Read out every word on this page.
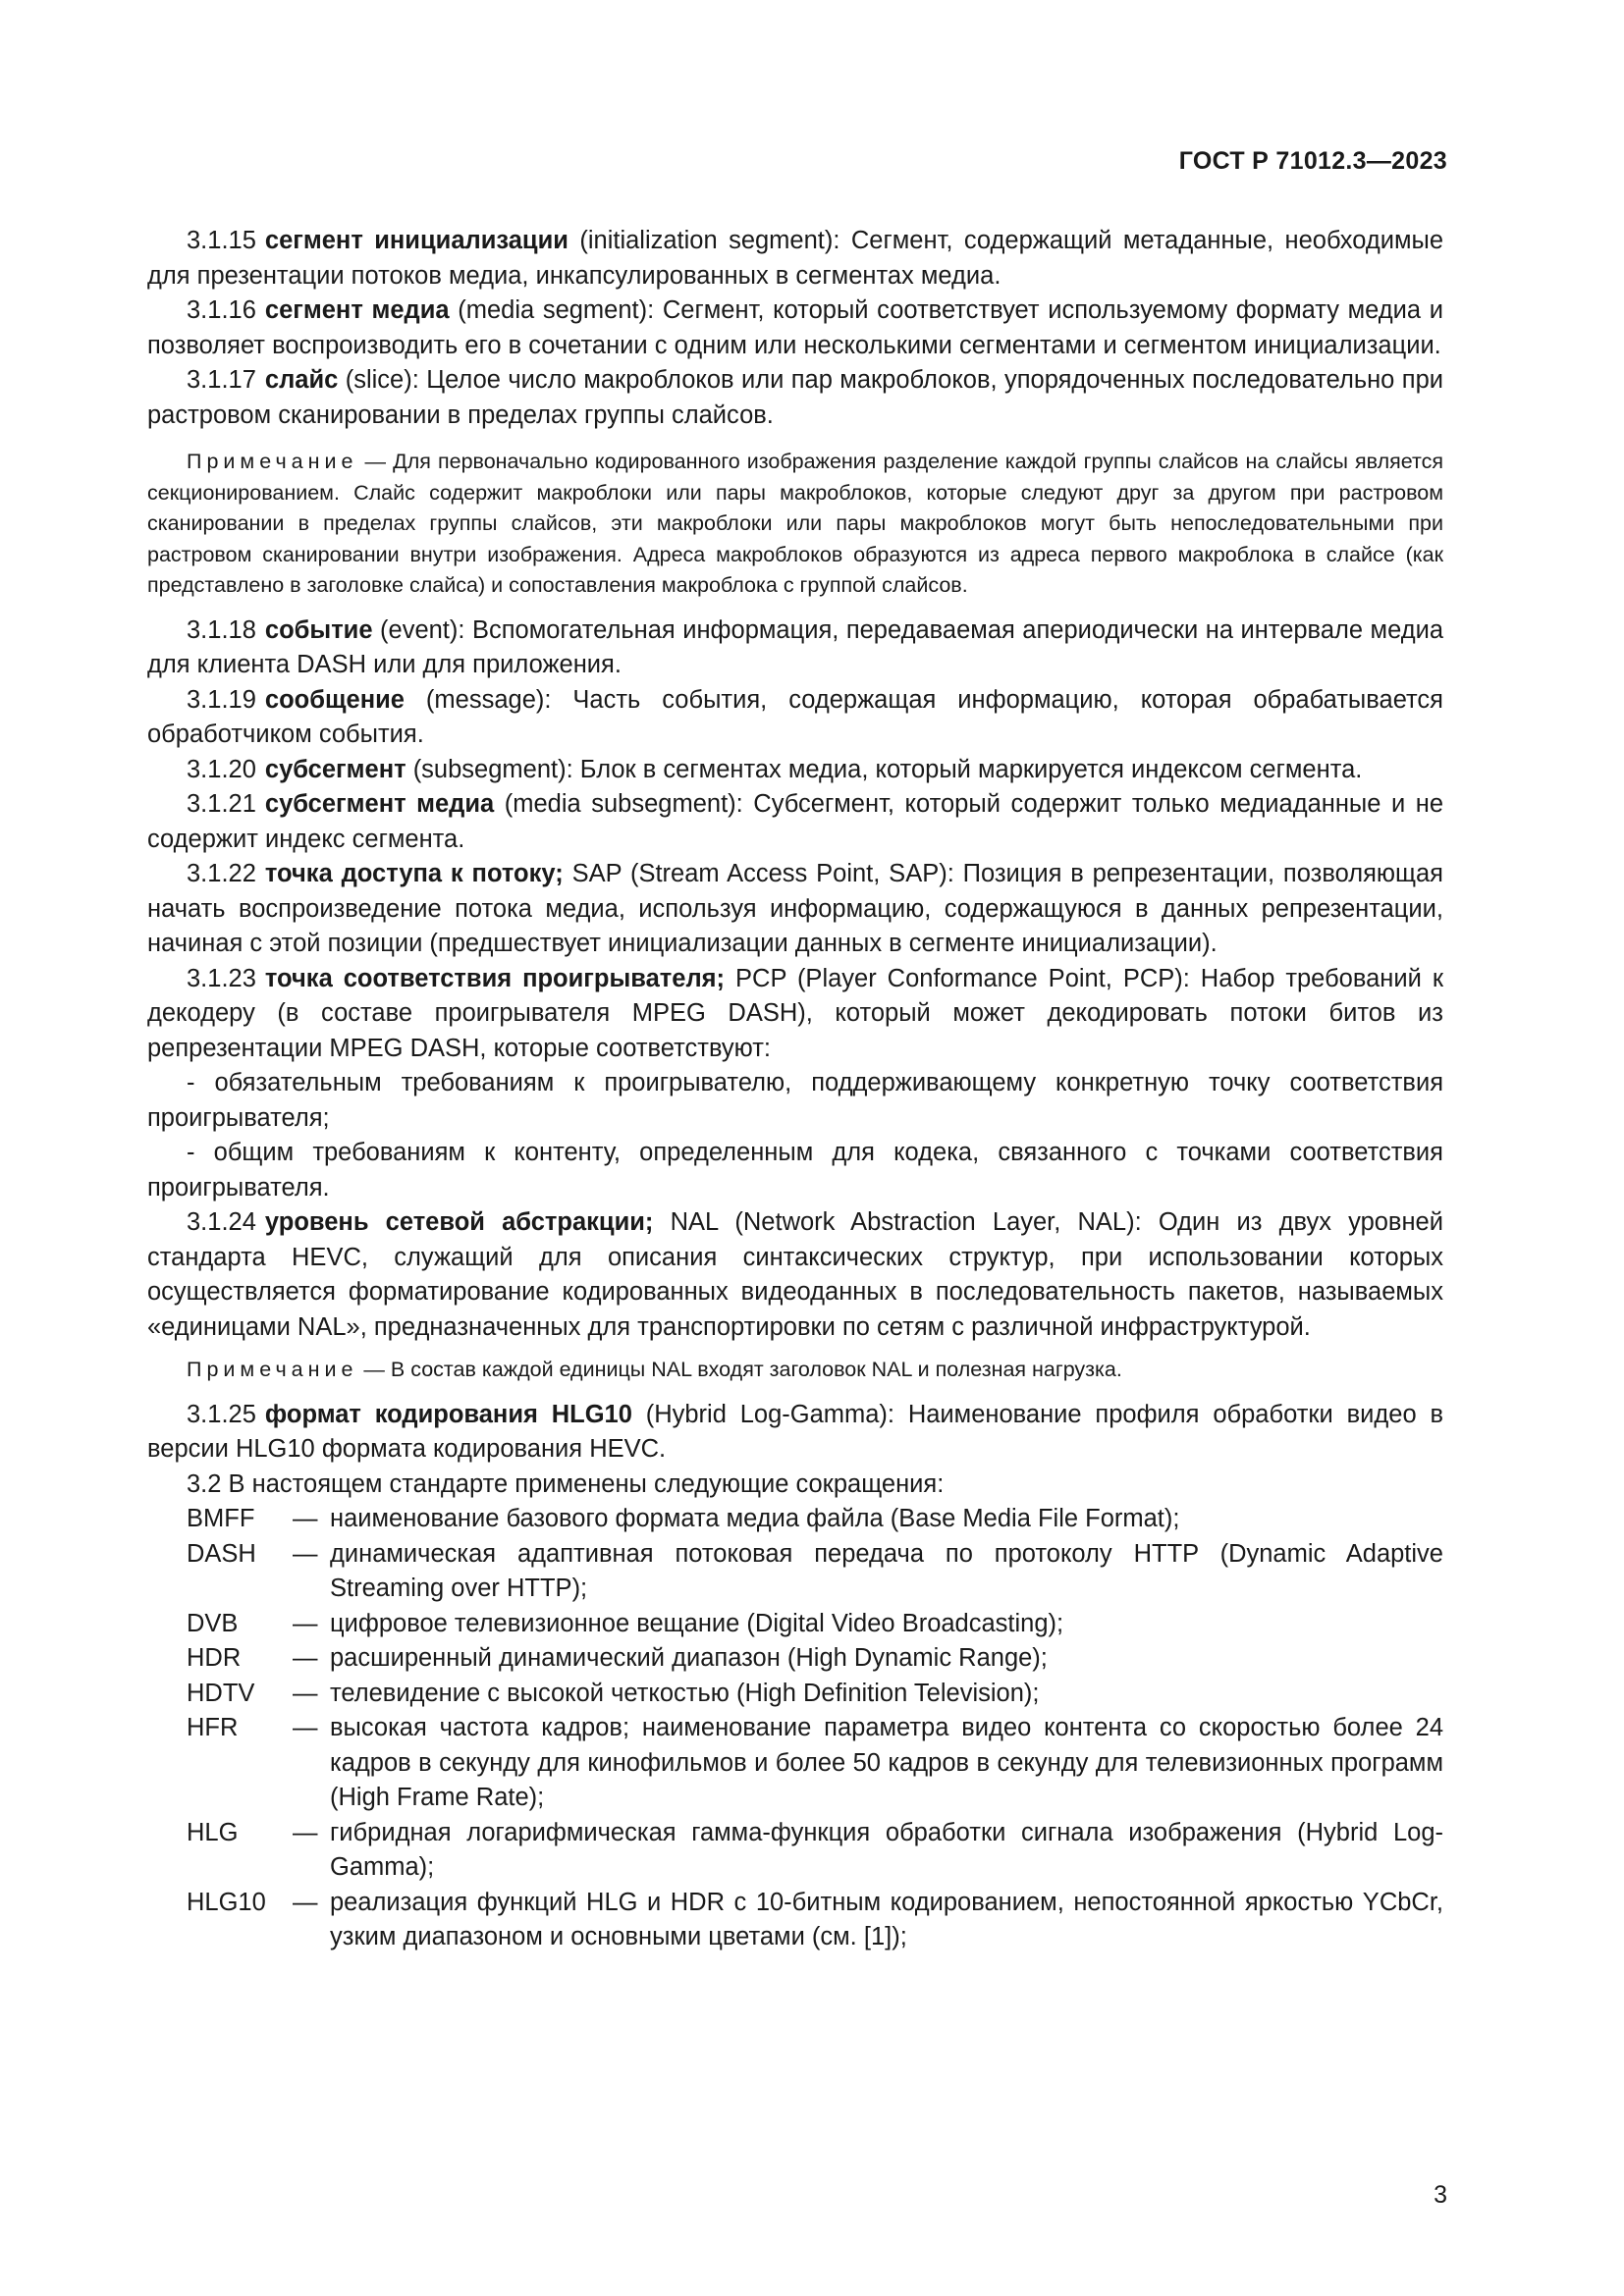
ГОСТ Р 71012.3—2023

3.1.15 сегмент инициализации (initialization segment): Сегмент, содержащий метаданные, необходимые для презентации потоков медиа, инкапсулированных в сегментах медиа.

3.1.16 сегмент медиа (media segment): Сегмент, который соответствует используемому формату медиа и позволяет воспроизводить его в сочетании с одним или несколькими сегментами и сегментом инициализации.

3.1.17 слайс (slice): Целое число макроблоков или пар макроблоков, упорядоченных последовательно при растровом сканировании в пределах группы слайсов.

Примечание — Для первоначально кодированного изображения разделение каждой группы слайсов на слайсы является секционированием. Слайс содержит макроблоки или пары макроблоков, которые следуют друг за другом при растровом сканировании в пределах группы слайсов, эти макроблоки или пары макроблоков могут быть непоследовательными при растровом сканировании внутри изображения. Адреса макроблоков образуются из адреса первого макроблока в слайсе (как представлено в заголовке слайса) и сопоставления макроблока с группой слайсов.

3.1.18 событие (event): Вспомогательная информация, передаваемая апериодически на интервале медиа для клиента DASH или для приложения.

3.1.19 сообщение (message): Часть события, содержащая информацию, которая обрабатывается обработчиком события.

3.1.20 субсегмент (subsegment): Блок в сегментах медиа, который маркируется индексом сегмента.

3.1.21 субсегмент медиа (media subsegment): Субсегмент, который содержит только медиаданные и не содержит индекс сегмента.

3.1.22 точка доступа к потоку; SAP (Stream Access Point, SAP): Позиция в репрезентации, позволяющая начать воспроизведение потока медиа, используя информацию, содержащуюся в данных репрезентации, начиная с этой позиции (предшествует инициализации данных в сегменте инициализации).

3.1.23 точка соответствия проигрывателя; PCP (Player Conformance Point, PCP): Набор требований к декодеру (в составе проигрывателя MPEG DASH), который может декодировать потоки битов из репрезентации MPEG DASH, которые соответствуют:

- обязательным требованиям к проигрывателю, поддерживающему конкретную точку соответствия проигрывателя;

- общим требованиям к контенту, определенным для кодека, связанного с точками соответствия проигрывателя.

3.1.24 уровень сетевой абстракции; NAL (Network Abstraction Layer, NAL): Один из двух уровней стандарта HEVC, служащий для описания синтаксических структур, при использовании которых осуществляется форматирование кодированных видеоданных в последовательность пакетов, называемых «единицами NAL», предназначенных для транспортировки по сетям с различной инфраструктурой.

Примечание — В состав каждой единицы NAL входят заголовок NAL и полезная нагрузка.

3.1.25 формат кодирования HLG10 (Hybrid Log-Gamma): Наименование профиля обработки видео в версии HLG10 формата кодирования HEVC.

3.2 В настоящем стандарте применены следующие сокращения:

BMFF	— наименование базового формата медиа файла (Base Media File Format);
DASH	— динамическая адаптивная потоковая передача по протоколу HTTP (Dynamic Adaptive Streaming over HTTP);
DVB	— цифровое телевизионное вещание (Digital Video Broadcasting);
HDR	— расширенный динамический диапазон (High Dynamic Range);
HDTV	— телевидение с высокой четкостью (High Definition Television);
HFR	— высокая частота кадров; наименование параметра видео контента со скоростью более 24 кадров в секунду для кинофильмов и более 50 кадров в секунду для телевизионных программ (High Frame Rate);
HLG	— гибридная логарифмическая гамма-функция обработки сигнала изображения (Hybrid Log-Gamma);
HLG10	— реализация функций HLG и HDR с 10-битным кодированием, непостоянной яркостью YCbCr, узким диапазоном и основными цветами (см. [1]);
3
